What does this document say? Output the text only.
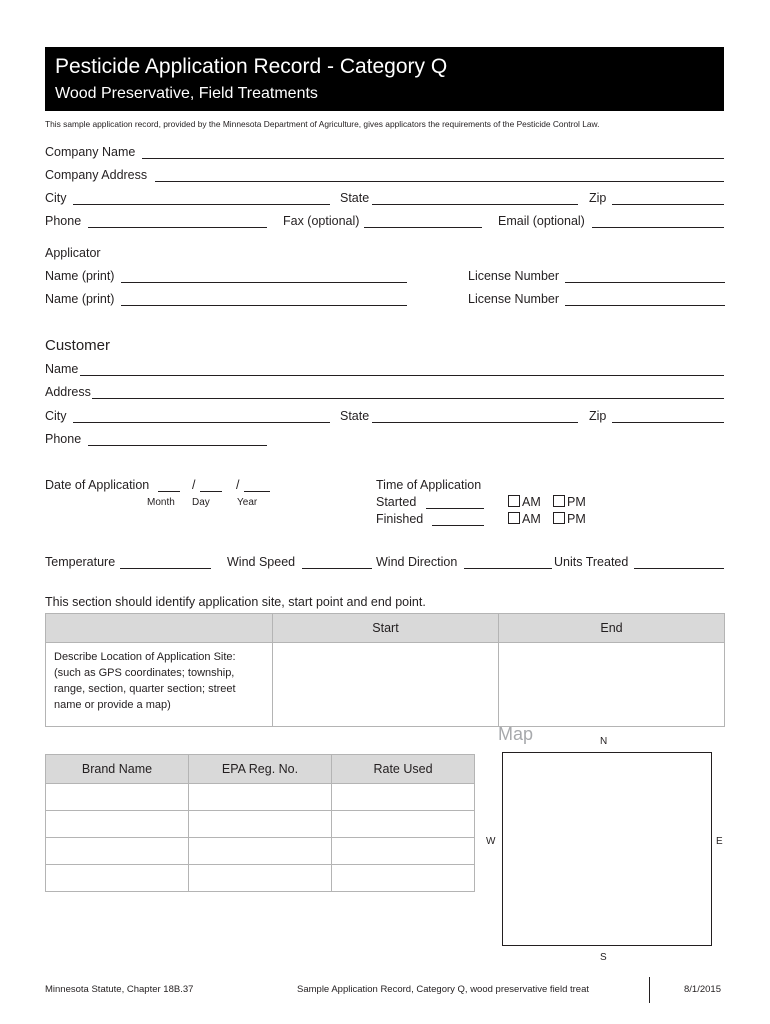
Pesticide Application Record - Category Q
Wood Preservative, Field Treatments
This sample application record, provided by the Minnesota Department of Agriculture, gives applicators the requirements of the Pesticide Control Law.
Company Name
Company Address
City	State	Zip
Phone	Fax (optional)	Email (optional)
Applicator
Name (print)	License Number
Name (print)	License Number
Customer
Name
Address
City	State	Zip
Phone
Date of Application	/	/
Month Day	Year
Time of Application
Started
Finished
AM	PM
AM	PM
Temperature	Wind Speed	Wind Direction	Units Treated
This section should identify application site, start point and end point.
	Start	End
Describe Location of Application Site: (such as GPS coordinates; township, range, section, quarter section; street name or provide a map)		
Brand Name	EPA Reg. No.	Rate Used

Map	N
W	E
S
Minnesota Statute, Chapter 18B.37	Sample Application Record, Category Q, wood preservative field treat	8/1/2015
